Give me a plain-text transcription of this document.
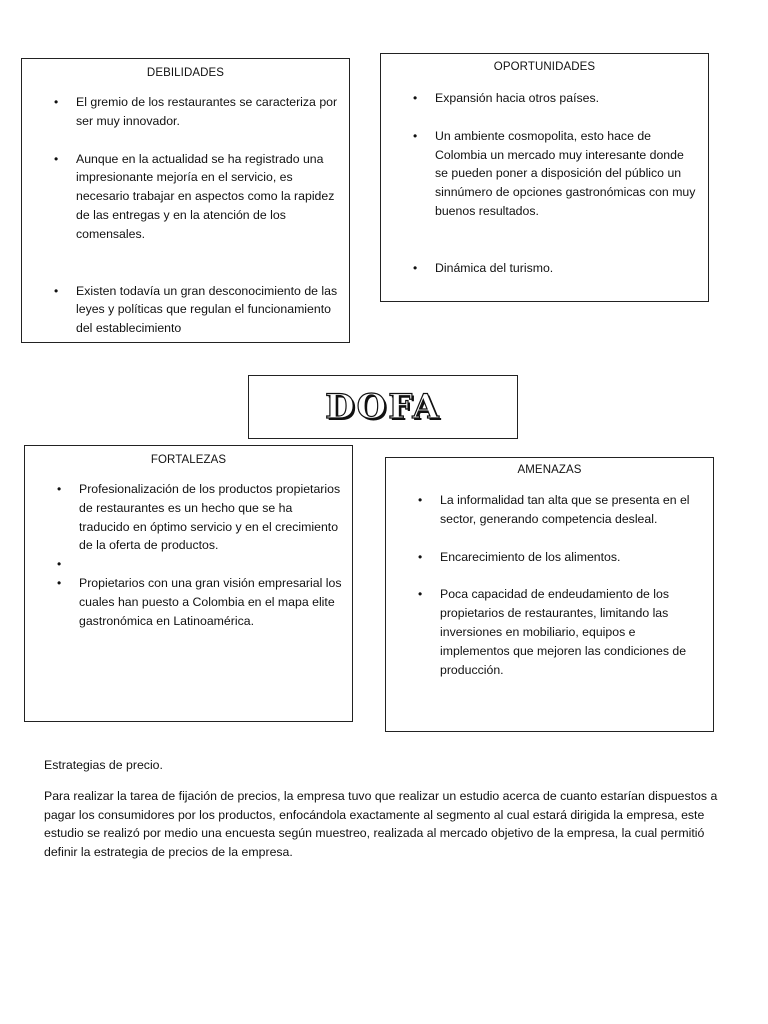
DEBILIDADES
• El gremio de los restaurantes se caracteriza por ser muy innovador.
• Aunque en la actualidad se ha registrado una impresionante mejoría en el servicio, es necesario trabajar en aspectos como la rapidez de las entregas y en la atención de los comensales.
• Existen todavía un gran desconocimiento de las leyes y políticas que regulan el funcionamiento del establecimiento
OPORTUNIDADES
• Expansión hacia otros países.
• Un ambiente cosmopolita, esto hace de Colombia un mercado muy interesante donde se pueden poner a disposición del público un sinnúmero de opciones gastronómicas con muy buenos resultados.
• Dinámica del turismo.
DOFA
FORTALEZAS
• Profesionalización de los productos propietarios de restaurantes es un hecho que se ha traducido en óptimo servicio y en el crecimiento de la oferta de productos.
•
• Propietarios con una gran visión empresarial los cuales han puesto a Colombia en el mapa elite gastronómica en Latinoamérica.
AMENAZAS
• La informalidad tan alta que se presenta en el sector, generando competencia desleal.
• Encarecimiento de los alimentos.
• Poca capacidad de endeudamiento de los propietarios de restaurantes, limitando las inversiones en mobiliario, equipos e implementos que mejoren las condiciones de producción.

Estrategias de precio.

Para realizar la tarea de fijación de precios, la empresa tuvo que realizar un estudio acerca de cuanto estarían dispuestos a pagar los consumidores por los productos, enfocándola exactamente al segmento al cual estará dirigida la empresa, este estudio se realizó por medio una encuesta según muestreo, realizada al mercado objetivo de la empresa, la cual permitió definir la estrategia de precios de la empresa.
